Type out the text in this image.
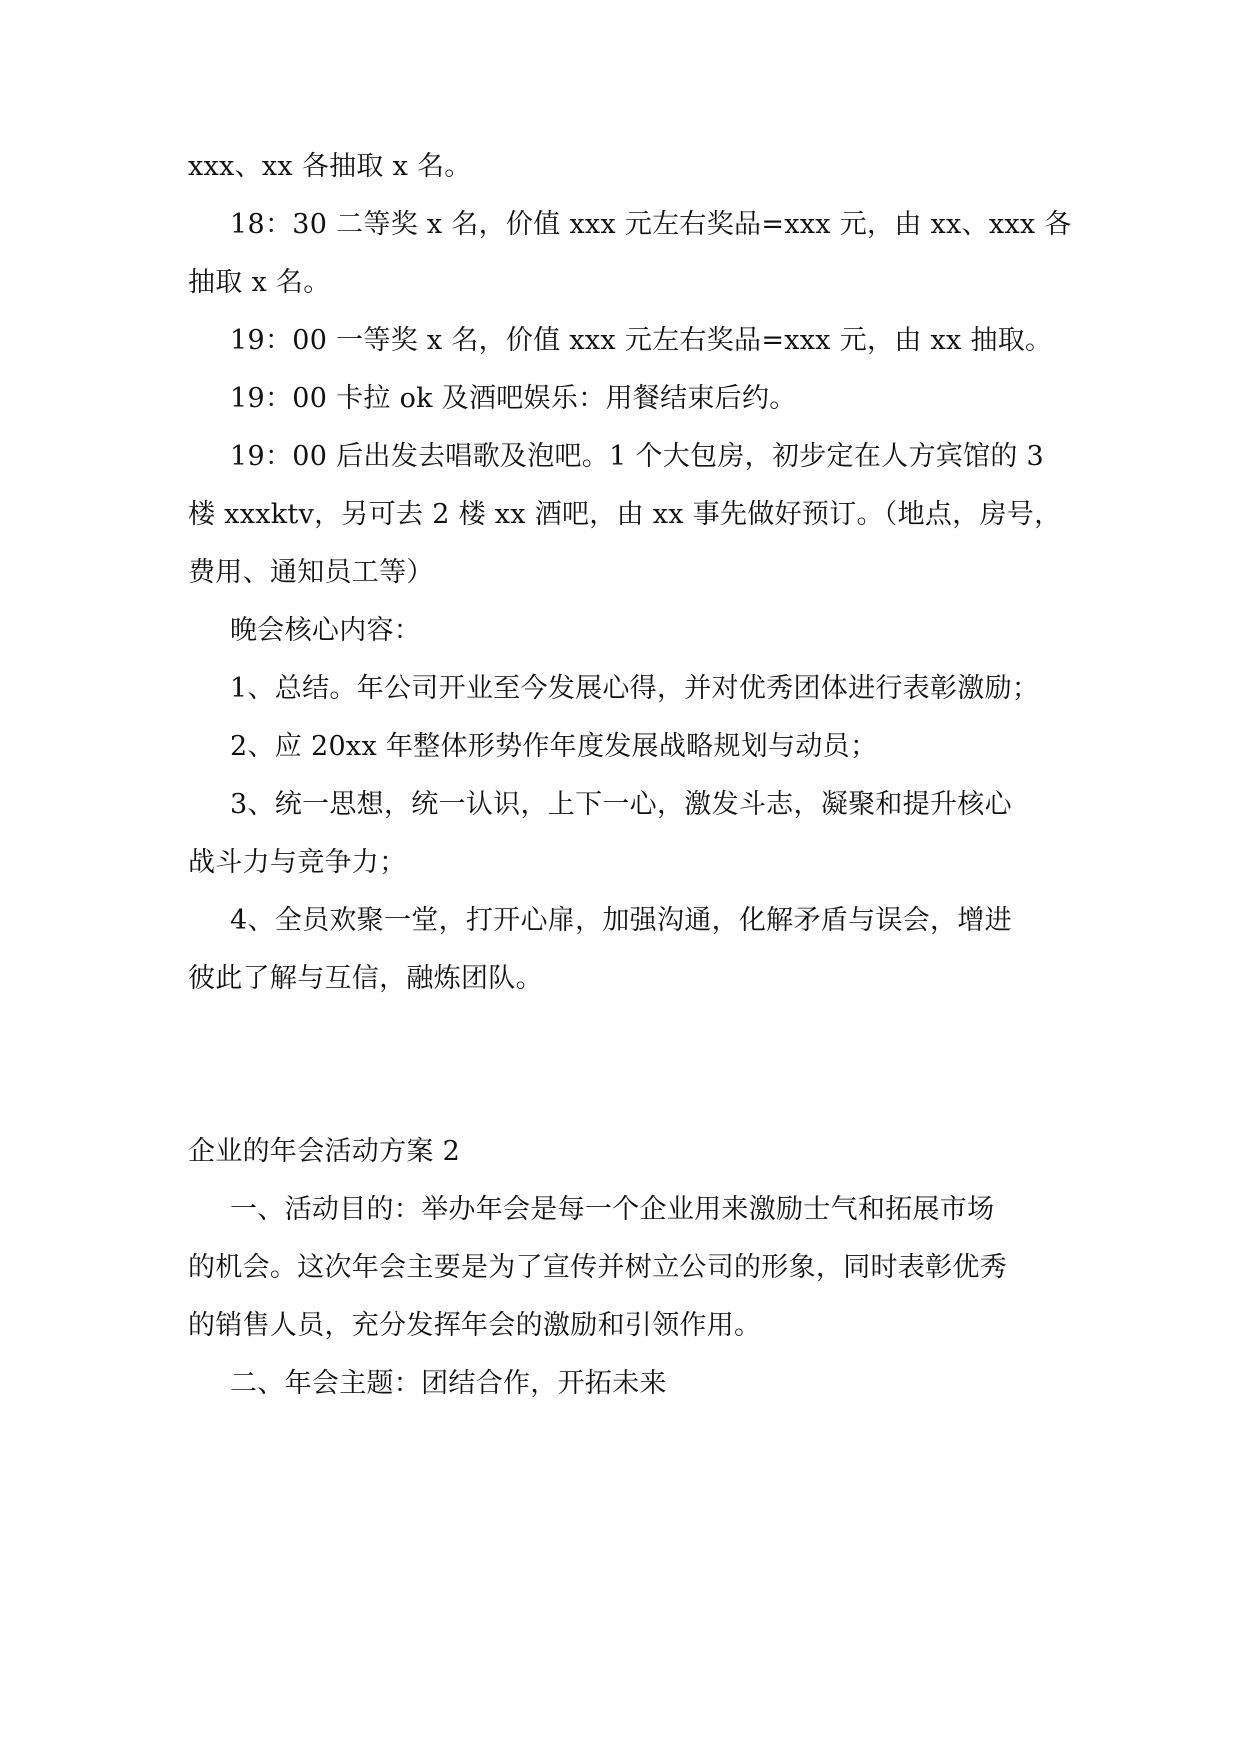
xxx、xx 各抽取 x 名。

18：30 二等奖 x 名，价值 xxx 元左右奖品=xxx 元，由 xx、xxx 各

抽取 x 名。

19：00 一等奖 x 名，价值 xxx 元左右奖品=xxx 元，由 xx 抽取。

19：00 卡拉 ok 及酒吧娱乐：用餐结束后约。

19：00 后出发去唱歌及泡吧。1 个大包房，初步定在人方宾馆的 3

楼 xxxktv，另可去 2 楼 xx 酒吧，由 xx 事先做好预订。（地点，房号，

费用、通知员工等）

晚会核心内容：

1、总结。年公司开业至今发展心得，并对优秀团体进行表彰激励；

2、应 20xx 年整体形势作年度发展战略规划与动员；

3、统一思想，统一认识，上下一心，激发斗志，凝聚和提升核心

战斗力与竞争力；

4、全员欢聚一堂，打开心扉，加强沟通，化解矛盾与误会，增进

彼此了解与互信，融炼团队。

企业的年会活动方案 2

一、活动目的：举办年会是每一个企业用来激励士气和拓展市场

的机会。这次年会主要是为了宣传并树立公司的形象，同时表彰优秀

的销售人员，充分发挥年会的激励和引领作用。

二、年会主题：团结合作，开拓未来
